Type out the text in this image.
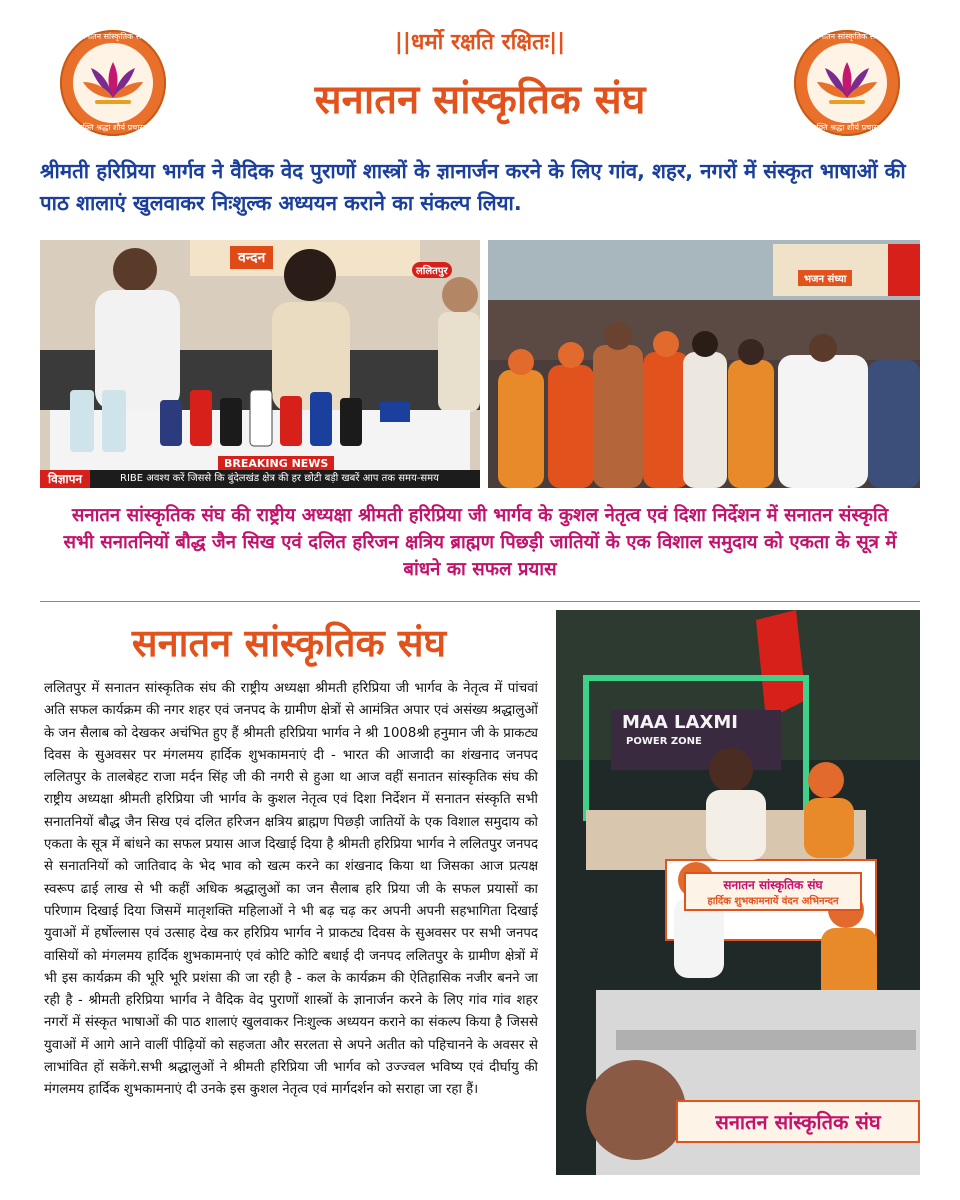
सनातन सांस्कृतिक संघ
शक्ति श्रद्धा शौर्य प्रचारक
सनातन सांस्कृतिक संघ
शक्ति श्रद्धा शौर्य प्रचारक
||धर्मो रक्षति रक्षितः||
सनातन सांस्कृतिक संघ
श्रीमती हरिप्रिया भार्गव ने वैदिक वेद पुराणों शास्त्रों के ज्ञानार्जन करने के लिए गांव, शहर, नगरों में संस्कृत भाषाओं की पाठ शालाएं खुलवाकर निःशुल्क अध्ययन कराने का संकल्प लिया.
वन्दन
ललितपुर
BREAKING NEWS
विज्ञापन	RIBE अवश्य करें जिससे कि बुंदेलखंड क्षेत्र की हर छोटी बड़ी खबरें आप तक समय-समय
भजन संध्या
सनातन सांस्कृतिक संघ की राष्ट्रीय अध्यक्षा श्रीमती हरिप्रिया जी भार्गव के कुशल नेतृत्व एवं दिशा निर्देशन में सनातन संस्कृति सभी सनातनियों बौद्ध जैन सिख एवं दलित हरिजन क्षत्रिय ब्राह्मण पिछड़ी जातियों के एक विशाल समुदाय को एकता के सूत्र में बांधने का सफल प्रयास
सनातन सांस्कृतिक संघ
ललितपुर में सनातन सांस्कृतिक संघ की राष्ट्रीय अध्यक्षा श्रीमती हरिप्रिया जी भार्गव के नेतृत्व में पांचवां अति सफल कार्यक्रम की नगर शहर एवं जनपद के ग्रामीण क्षेत्रों से आमंत्रित अपार एवं असंख्य श्रद्धालुओं के जन सैलाब को देखकर अचंभित हुए हैं श्रीमती हरिप्रिया भार्गव ने श्री 1008श्री हनुमान जी के प्राकट्य दिवस के सुअवसर पर मंगलमय हार्दिक शुभकामनाएं दी - भारत की आजादी का शंखनाद जनपद ललितपुर के तालबेहट राजा मर्दन सिंह जी की नगरी से हुआ था आज वहीं सनातन सांस्कृतिक संघ की राष्ट्रीय अध्यक्षा श्रीमती हरिप्रिया जी भार्गव के कुशल नेतृत्व एवं दिशा निर्देशन में सनातन संस्कृति सभी सनातनियों बौद्ध जैन सिख एवं दलित हरिजन क्षत्रिय ब्राह्मण पिछड़ी जातियों के एक विशाल समुदाय को एकता के सूत्र में बांधने का सफल प्रयास आज दिखाई दिया है श्रीमती हरिप्रिया भार्गव ने ललितपुर जनपद से सनातनियों को जातिवाद के भेद भाव को खत्म करने का शंखनाद किया था जिसका आज प्रत्यक्ष स्वरूप ढाई लाख से भी कहीं अधिक श्रद्धालुओं का जन सैलाब हरि प्रिया जी के सफल प्रयासों का परिणाम दिखाई दिया जिसमें मातृशक्ति महिलाओं ने भी बढ़ चढ़ कर अपनी अपनी सहभागिता दिखाई युवाओं में हर्षोल्लास एवं उत्साह देख कर हरिप्रिय भार्गव ने प्राकट्य दिवस के सुअवसर पर सभी जनपद वासियों को मंगलमय हार्दिक शुभकामनाएं एवं कोटि कोटि बधाई दी जनपद ललितपुर के ग्रामीण क्षेत्रों में भी इस कार्यक्रम की भूरि भूरि प्रशंसा की जा रही है - कल के कार्यक्रम की ऐतिहासिक नजीर बनने जा रही है - श्रीमती हरिप्रिया भार्गव ने वैदिक वेद पुराणों शास्त्रों के ज्ञानार्जन करने के लिए गांव गांव शहर नगरों में संस्कृत भाषाओं की पाठ शालाएं खुलवाकर निःशुल्क अध्ययन कराने का संकल्प किया है जिससे युवाओं में आगे आने वालीं पीढ़ियों को सहजता और सरलता से अपने अतीत को पहिचानने के अवसर से लाभांवित हों सकेंगे.सभी श्रद्धालुओं ने श्रीमती हरिप्रिया जी भार्गव को उज्ज्वल भविष्य एवं दीर्घायु की मंगलमय हार्दिक शुभकामनाएं दी उनके इस कुशल नेतृत्व एवं मार्गदर्शन को सराहा जा रहा हैं।
MAA LAXMI
POWER ZONE
सनातन सांस्कृतिक संघ
हार्दिक शुभकामनायें वंदन अभिनन्दन
सनातन सांस्कृतिक संघ
